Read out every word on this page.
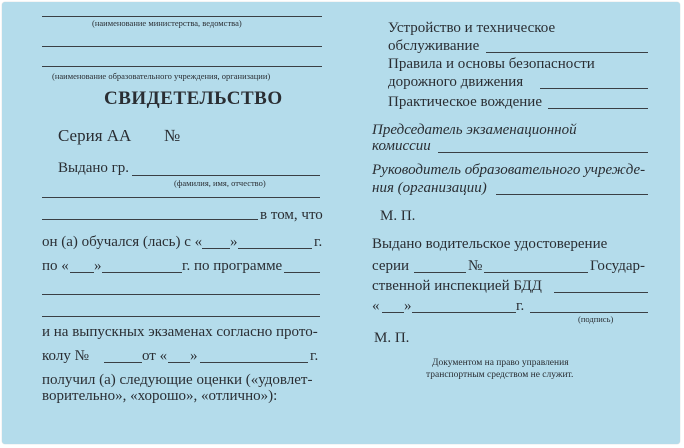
(наименование министерства, ведомства)
(наименование образовательного учреждения, организации)
СВИДЕТЕЛЬСТВО
Серия АА №
Выдано гр.
(фамилия, имя, отчество)
в том, что
он (а) обучался (лась) с « »	г.
по « »	г. по программе
и на выпускных экзаменах согласно прото-
колу №	от « »	г.
получил (а) следующие оценки («удовлет-
ворительно», «хорошо», «отлично»):
Устройство и техническое
обслуживание
Правила и основы безопасности
дорожного движения
Практическое вождение
Председатель экзаменационной
комиссии
Руководитель образовательного учрежде-
ния (организации)
М. П.
Выдано водительское удостоверение
серии	№	Государ-
ственной инспекцией БДД
« »	г.
(подпись)
М. П.
Документом на право управления
транспортным средством не служит.
